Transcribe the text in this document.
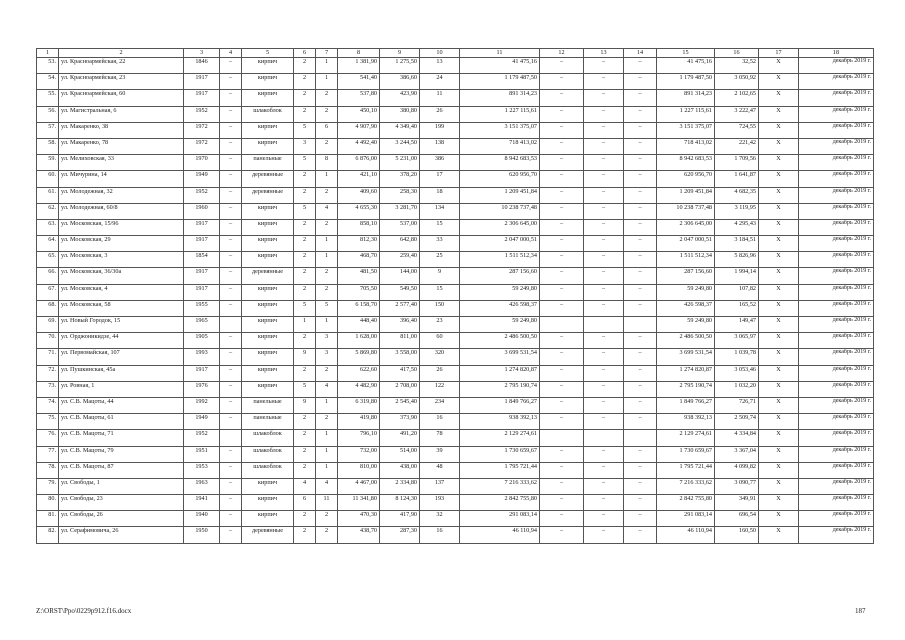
1	2	3	4	5	6	7	8	9	10	11	12	13	14	15	16	17	18
53.	ул. Красноармейская, 22	1846	–	кирпич	2	1	1 381,90	1 275,50	13	41 475,16	–	–	–	41 475,16	32,52	Х	декабрь 2019 г.
54.	ул. Красноармейская, 23	1917	–	кирпич	2	1	541,40	386,60	24	1 179 487,50	–	–	–	1 179 487,50	3 050,92	Х	декабрь 2019 г.
55.	ул. Красноармейская, 60	1917	–	кирпич	2	2	537,80	423,90	11	891 314,23	–	–	–	891 314,23	2 102,65	Х	декабрь 2019 г.
56.	ул. Магистральная, 6	1952	–	шлакоблок	2	2	450,10	380,80	26	1 227 115,61	–	–	–	1 227 115,61	3 222,47	Х	декабрь 2019 г.
57.	ул. Макаренко, 38	1972	–	кирпич	5	6	4 907,90	4 349,40	199	3 151 375,07	–	–	–	3 151 375,07	724,55	Х	декабрь 2019 г.
58.	ул. Макаренко, 78	1972	–	кирпич	3	2	4 492,40	3 244,50	138	718 413,02	–	–	–	718 413,02	221,42	Х	декабрь 2019 г.
59.	ул. Мелиховская, 33	1970	–	панельные	5	8	6 876,00	5 231,00	386	8 942 683,53	–	–	–	8 942 683,53	1 709,56	Х	декабрь 2019 г.
60.	ул. Мичурина, 14	1949	–	деревянные	2	1	421,10	378,20	17	620 956,70	–	–	–	620 956,70	1 641,87	Х	декабрь 2019 г.
61.	ул. Молодежная, 32	1952	–	деревянные	2	2	409,60	258,30	18	1 209 451,84	–	–	–	1 209 451,84	4 682,35	Х	декабрь 2019 г.
62.	ул. Молодежная, 60/8	1960	–	кирпич	5	4	4 655,30	3 281,70	134	10 238 737,48	–	–	–	10 238 737,48	3 119,95	Х	декабрь 2019 г.
63.	ул. Московская, 15/96	1917	–	кирпич	2	2	858,10	537,00	15	2 306 645,00	–	–	–	2 306 645,00	4 295,43	Х	декабрь 2019 г.
64.	ул. Московская, 29	1917	–	кирпич	2	1	812,30	642,80	33	2 047 000,51	–	–	–	2 047 000,51	3 184,51	Х	декабрь 2019 г.
65.	ул. Московская, 3	1854	–	кирпич	2	1	468,70	259,40	25	1 511 512,34	–	–	–	1 511 512,34	5 826,96	Х	декабрь 2019 г.
66.	ул. Московская, 36/30а	1917	–	деревянные	2	2	481,50	144,00	9	287 156,60	–	–	–	287 156,60	1 994,14	Х	декабрь 2019 г.
67.	ул. Московская, 4	1917	–	кирпич	2	2	705,50	549,50	15	59 249,80	–	–	–	59 249,80	107,82	Х	декабрь 2019 г.
68.	ул. Московская, 58	1955	–	кирпич	5	5	6 158,70	2 577,40	150	426 598,37	–	–	–	426 598,37	165,52	Х	декабрь 2019 г.
69.	ул. Новый Городок, 15	1965		кирпич	1	1	448,40	396,40	23	59 249,80				59 249,80	149,47	Х	декабрь 2019 г.
70.	ул. Орджоникидзе, 44	1905	–	кирпич	2	3	1 628,00	811,00	60	2 486 500,50	–	–	–	2 486 500,50	3 065,97	Х	декабрь 2019 г.
71.	ул. Первомайская, 107	1993	–	кирпич	9	3	5 869,80	3 558,00	320	3 699 531,54	–	–	–	3 699 531,54	1 039,78	Х	декабрь 2019 г.
72.	ул. Пушкинская, 45а	1917	–	кирпич	2	2	622,60	417,50	26	1 274 820,87	–	–	–	1 274 820,87	3 053,46	Х	декабрь 2019 г.
73.	ул. Ровная, 1	1976	–	кирпич	5	4	4 482,90	2 708,00	122	2 795 190,74	–	–	–	2 795 190,74	1 032,20	Х	декабрь 2019 г.
74.	ул. С.В. Мацоты, 44	1992	–	панельные	9	1	6 319,80	2 545,40	234	1 849 766,27	–	–	–	1 849 766,27	726,71	Х	декабрь 2019 г.
75.	ул. С.В. Мацоты, 61	1949	–	панельные	2	2	419,80	373,90	16	938 392,13	–	–	–	938 392,13	2 509,74	Х	декабрь 2019 г.
76.	ул. С.В. Мацоты, 71	1952		шлакоблок	2	1	796,10	491,20	78	2 129 274,61				2 129 274,61	4 334,84	Х	декабрь 2019 г.
77.	ул. С.В. Мацоты, 79	1951	–	шлакоблок	2	1	732,00	514,00	39	1 730 659,67	–	–	–	1 730 659,67	3 367,04	Х	декабрь 2019 г.
78.	ул. С.В. Мацоты, 87	1953	–	шлакоблок	2	1	810,00	438,00	48	1 795 721,44	–	–	–	1 795 721,44	4 099,82	Х	декабрь 2019 г.
79.	ул. Свободы, 1	1963	–	кирпич	4	4	4 467,00	2 334,80	137	7 216 333,62	–	–	–	7 216 333,62	3 090,77	Х	декабрь 2019 г.
80.	ул. Свободы, 23	1941	–	кирпич	6	11	11 341,80	8 124,30	193	2 842 755,80	–	–	–	2 842 755,80	349,91	Х	декабрь 2019 г.
81.	ул. Свободы, 26	1940	–	кирпич	2	2	470,30	417,90	32	291 083,14	–	–	–	291 083,14	696,54	Х	декабрь 2019 г.
82.	ул. Серафимовича, 26	1950	–	деревянные	2	2	438,70	287,30	16	46 110,94	–	–	–	46 110,94	160,50	Х	декабрь 2019 г.
Z:\ORST\Ppo\0229p912.f16.docx	187
